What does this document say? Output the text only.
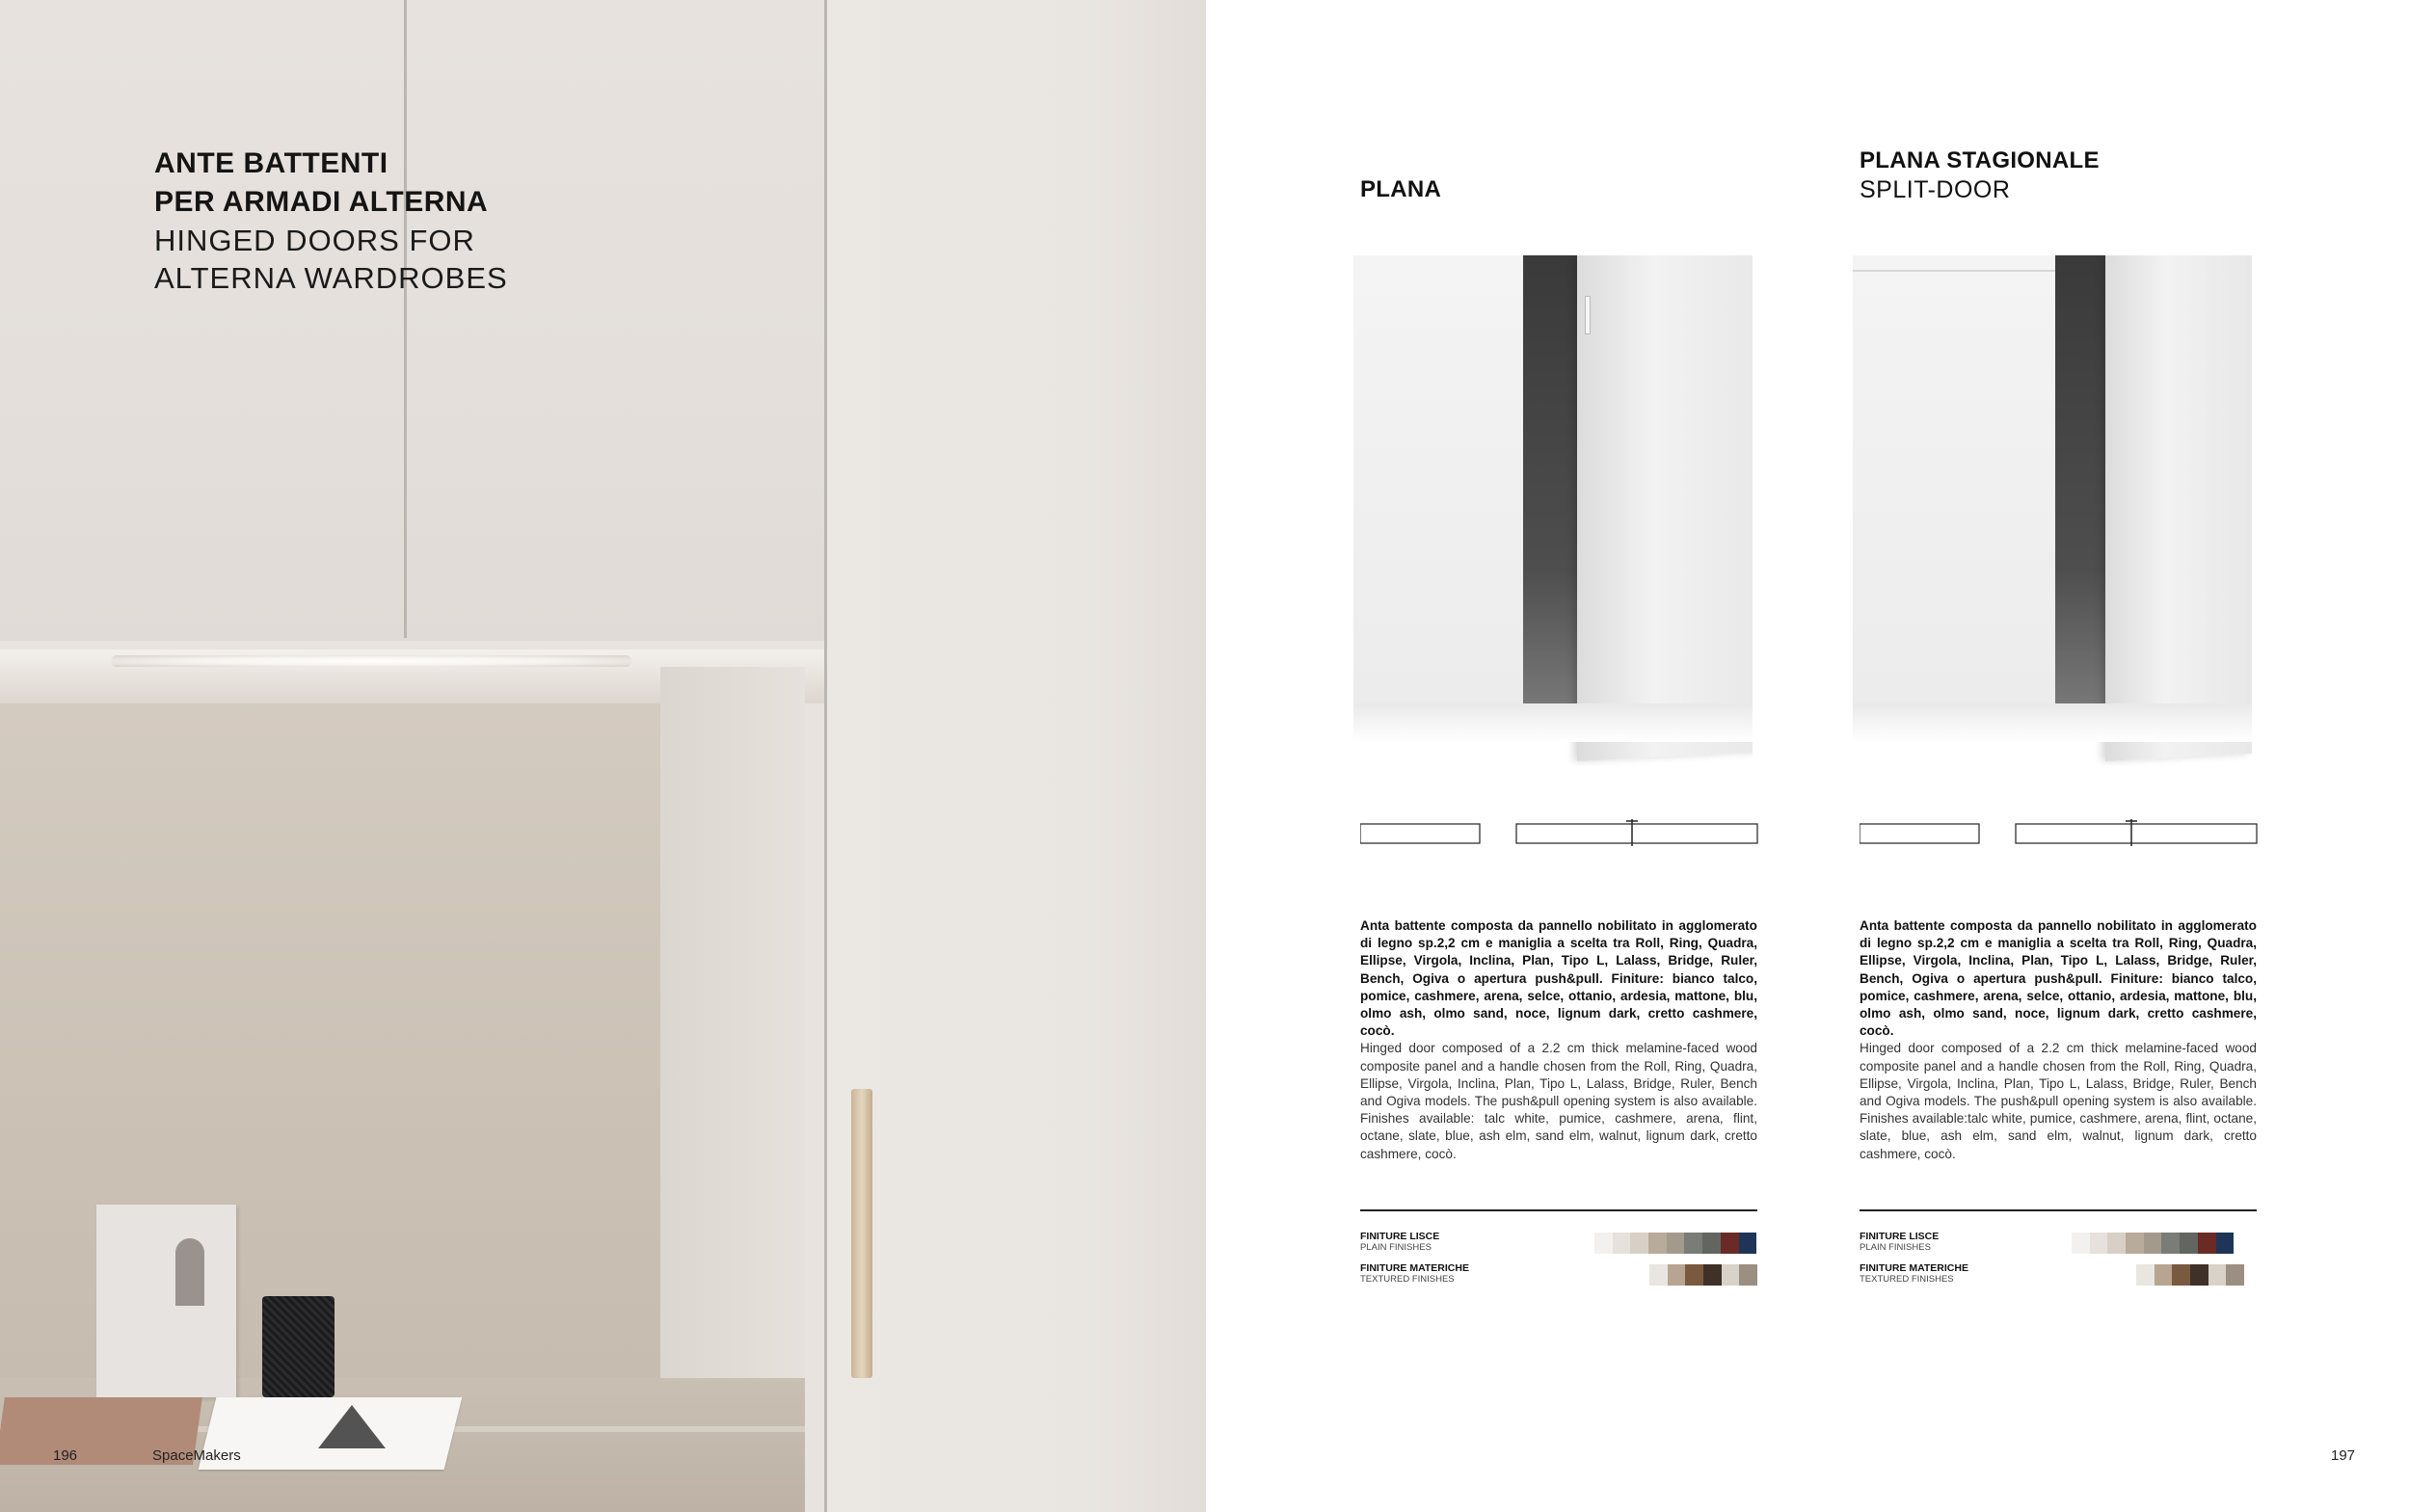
ANTE BATTENTI

PER ARMADI ALTERNA

HINGED DOORS FOR

ALTERNA WARDROBES

196	SpaceMakers	197

PLANA

Anta battente composta da pannello nobilitato in agglomerato di legno sp.2,2 cm e maniglia a scelta tra Roll, Ring, Quadra, Ellipse, Virgola, Inclina, Plan, Tipo L, Lalass, Bridge, Ruler, Bench, Ogiva o apertura push&pull. Finiture: bianco talco, pomice, cashmere, arena, selce, ottanio, ardesia, mattone, blu, olmo ash, olmo sand, noce, lignum dark, cretto cashmere, cocò.
Hinged door composed of a 2.2 cm thick melamine-faced wood composite panel and a handle chosen from the Roll, Ring, Quadra, Ellipse, Virgola, Inclina, Plan, Tipo L, Lalass, Bridge, Ruler, Bench and Ogiva models. The push&pull opening system is also available. Finishes available: talc white, pumice, cashmere, arena, flint, octane, slate, blue, ash elm, sand elm, walnut, lignum dark, cretto cashmere, cocò.

FINITURE LISCE

PLAIN FINISHES

FINITURE MATERICHE

TEXTURED FINISHES

PLANA STAGIONALE

SPLIT-DOOR

Anta battente composta da pannello nobilitato in agglomerato di legno sp.2,2 cm e maniglia a scelta tra Roll, Ring, Quadra, Ellipse, Virgola, Inclina, Plan, Tipo L, Lalass, Bridge, Ruler, Bench, Ogiva o apertura push&pull. Finiture: bianco talco, pomice, cashmere, arena, selce, ottanio, ardesia, mattone, blu, olmo ash, olmo sand, noce, lignum dark, cretto cashmere, cocò.
Hinged door composed of a 2.2 cm thick melamine-faced wood composite panel and a handle chosen from the Roll, Ring, Quadra, Ellipse, Virgola, Inclina, Plan, Tipo L, Lalass, Bridge, Ruler, Bench and Ogiva models. The push&pull opening system is also available. Finishes available:talc white, pumice, cashmere, arena, flint, octane, slate, blue, ash elm, sand elm, walnut, lignum dark, cretto cashmere, cocò.

FINITURE LISCE

PLAIN FINISHES

FINITURE MATERICHE

TEXTURED FINISHES
